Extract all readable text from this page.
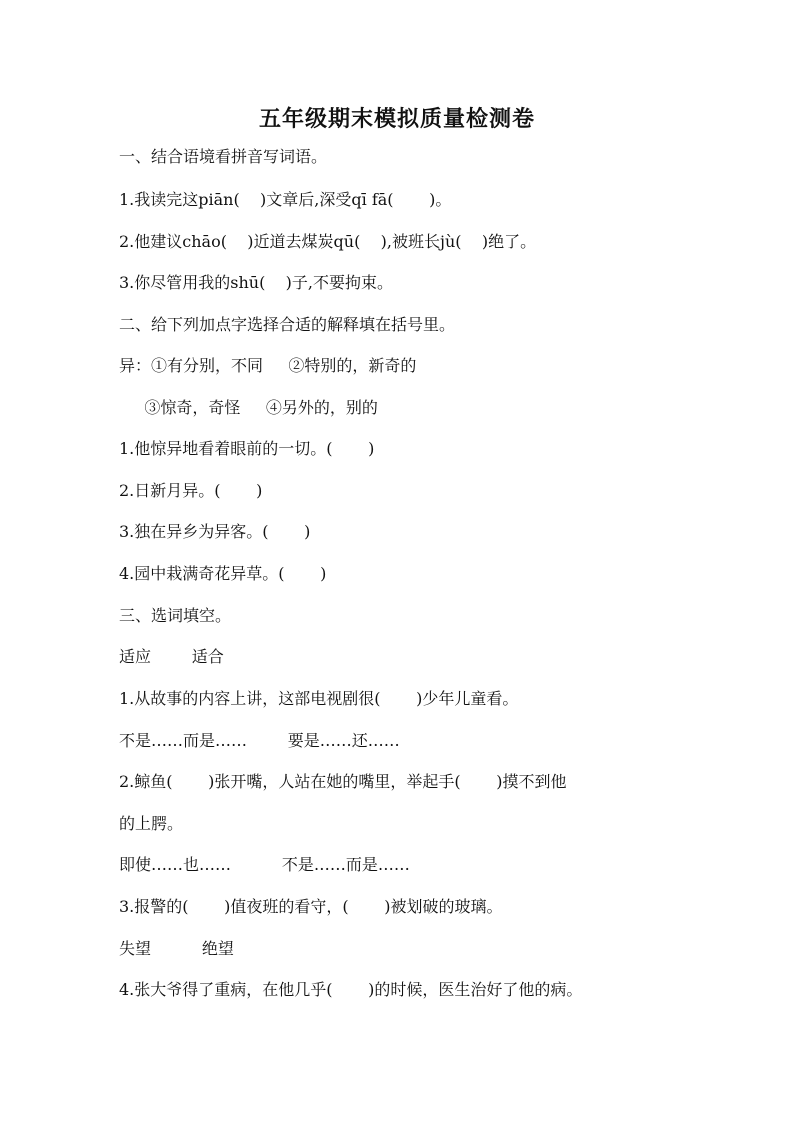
五年级期末模拟质量检测卷
一、结合语境看拼音写词语。
1.我读完这piān(    )文章后,深受qī fā(       )。
2.他建议chāo(    )近道去煤炭qū(    ),被班长jù(    )绝了。
3.你尽管用我的shū(    )子,不要拘束。
二、给下列加点字选择合适的解释填在括号里。
异：①有分别，不同     ②特别的，新奇的
③惊奇，奇怪     ④另外的，别的
1.他惊异地看着眼前的一切。(       )
2.日新月异。(       )
3.独在异乡为异客。(       )
4.园中栽满奇花异草。(       )
三、选词填空。
适应        适合
1.从故事的内容上讲，这部电视剧很(       )少年儿童看。
不是……而是……        要是……还……
2.鲸鱼(       )张开嘴，人站在她的嘴里，举起手(       )摸不到他
的上腭。
即使……也……          不是……而是……
3.报警的(       )值夜班的看守，(       )被划破的玻璃。
失望          绝望
4.张大爷得了重病，在他几乎(       )的时候，医生治好了他的病。
